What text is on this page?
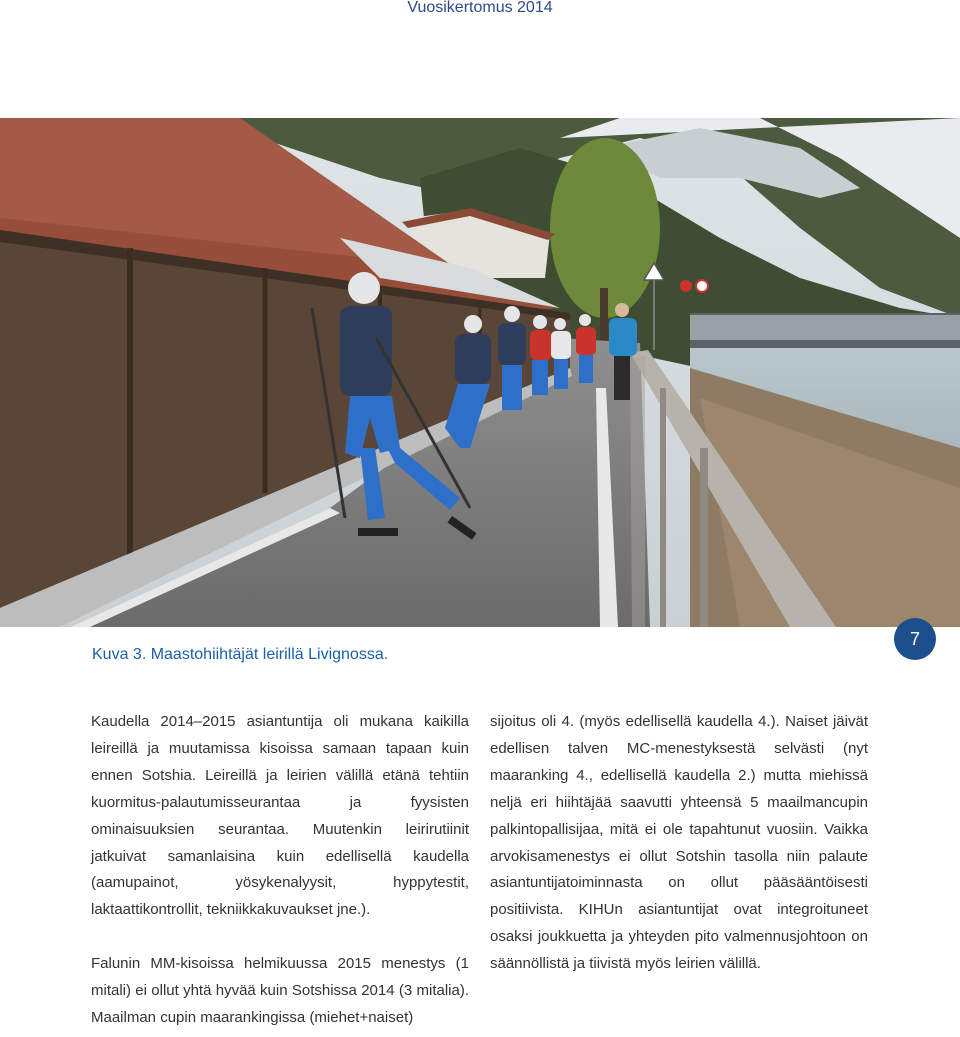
Vuosikertomus 2014
Kuva 3. Maastohiihtäjät leirillä Livignossa.
7

Kaudella 2014–2015 asiantuntija oli mukana kaikilla leireillä ja muutamissa kisoissa samaan tapaan kuin ennen Sotshia. Leireillä ja leirien välillä etänä tehtiin kuormitus-palautumisseurantaa ja fyysisten ominaisuuksien seurantaa. Muutenkin leirirutiinit jatkuivat samanlaisina kuin edellisellä kaudella (aamupainot, yösykenalyysit, hyppytestit, laktaattikontrollit, tekniikkakuvaukset jne.).

Falunin MM-kisoissa helmikuussa 2015 menestys (1 mitali) ei ollut yhtä hyvää kuin Sotshissa 2014 (3 mitalia). Maailman cupin maarankingissa (miehet+naiset)

sijoitus oli 4. (myös edellisellä kaudella 4.). Naiset jäivät edellisen talven MC-menestyksestä selvästi (nyt maaranking 4., edellisellä kaudella 2.) mutta miehissä neljä eri hiihtäjää saavutti yhteensä 5 maailmancupin palkintopallisijaa, mitä ei ole tapahtunut vuosiin. Vaikka arvokisamenestys ei ollut Sotshin tasolla niin palaute asiantuntijatoiminnasta on ollut pääsääntöisesti positiivista. KIHUn asiantuntijat ovat integroituneet osaksi joukkuetta ja yhteyden pito valmennusjohtoon on säännöllistä ja tiivistä myös leirien välillä.
